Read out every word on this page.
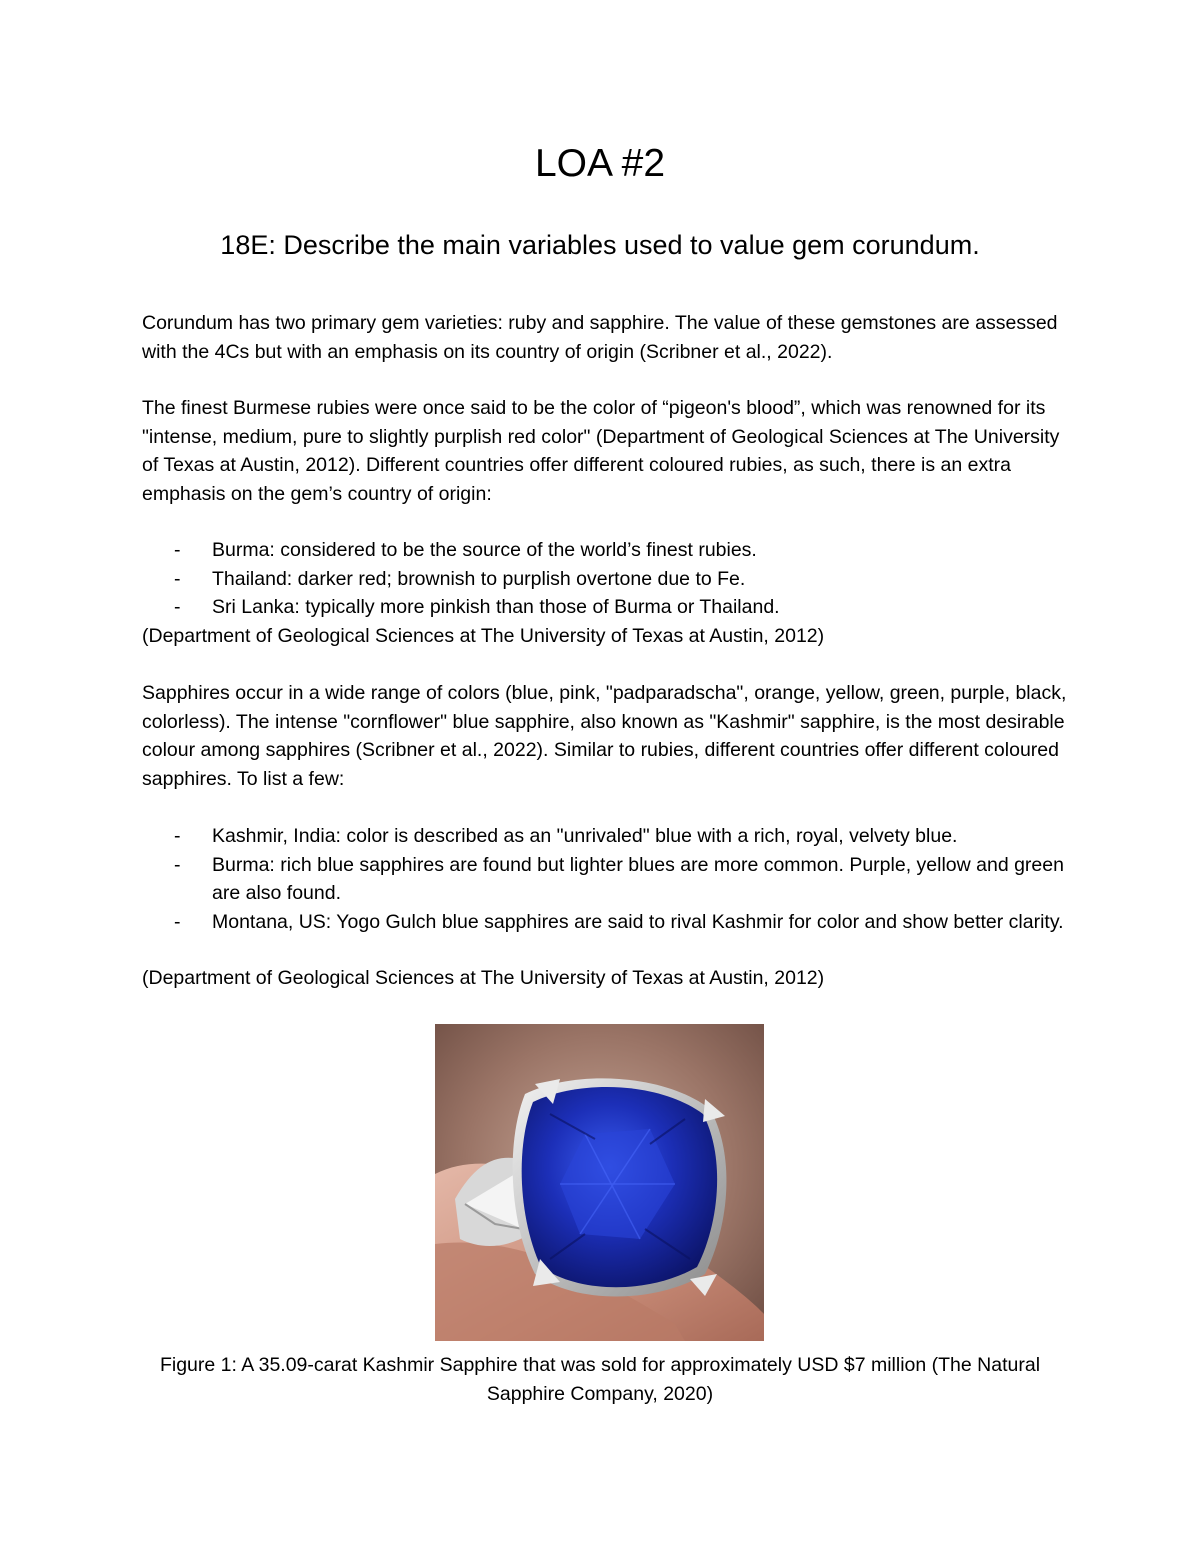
LOA #2
18E: Describe the main variables used to value gem corundum.

Corundum has two primary gem varieties: ruby and sapphire. The value of these gemstones are assessed with the 4Cs but with an emphasis on its country of origin (Scribner et al., 2022).

The finest Burmese rubies were once said to be the color of “pigeon's blood”, which was renowned for its "intense, medium, pure to slightly purplish red color" (Department of Geological Sciences at The University of Texas at Austin, 2012). Different countries offer different coloured rubies, as such, there is an extra emphasis on the gem’s country of origin:

- Burma: considered to be the source of the world’s finest rubies.
- Thailand: darker red; brownish to purplish overtone due to Fe.
- Sri Lanka: typically more pinkish than those of Burma or Thailand.

(Department of Geological Sciences at The University of Texas at Austin, 2012)

Sapphires occur in a wide range of colors (blue, pink, "padparadscha", orange, yellow, green, purple, black, colorless). The intense "cornflower" blue sapphire, also known as "Kashmir" sapphire, is the most desirable colour among sapphires (Scribner et al., 2022). Similar to rubies, different countries offer different coloured sapphires. To list a few:

- Kashmir, India: color is described as an "unrivaled" blue with a rich, royal, velvety blue.
- Burma: rich blue sapphires are found but lighter blues are more common. Purple, yellow and green are also found.
- Montana, US: Yogo Gulch blue sapphires are said to rival Kashmir for color and show better clarity.

(Department of Geological Sciences at The University of Texas at Austin, 2012)

Figure 1: A 35.09-carat Kashmir Sapphire that was sold for approximately USD $7 million (The Natural Sapphire Company, 2020)
